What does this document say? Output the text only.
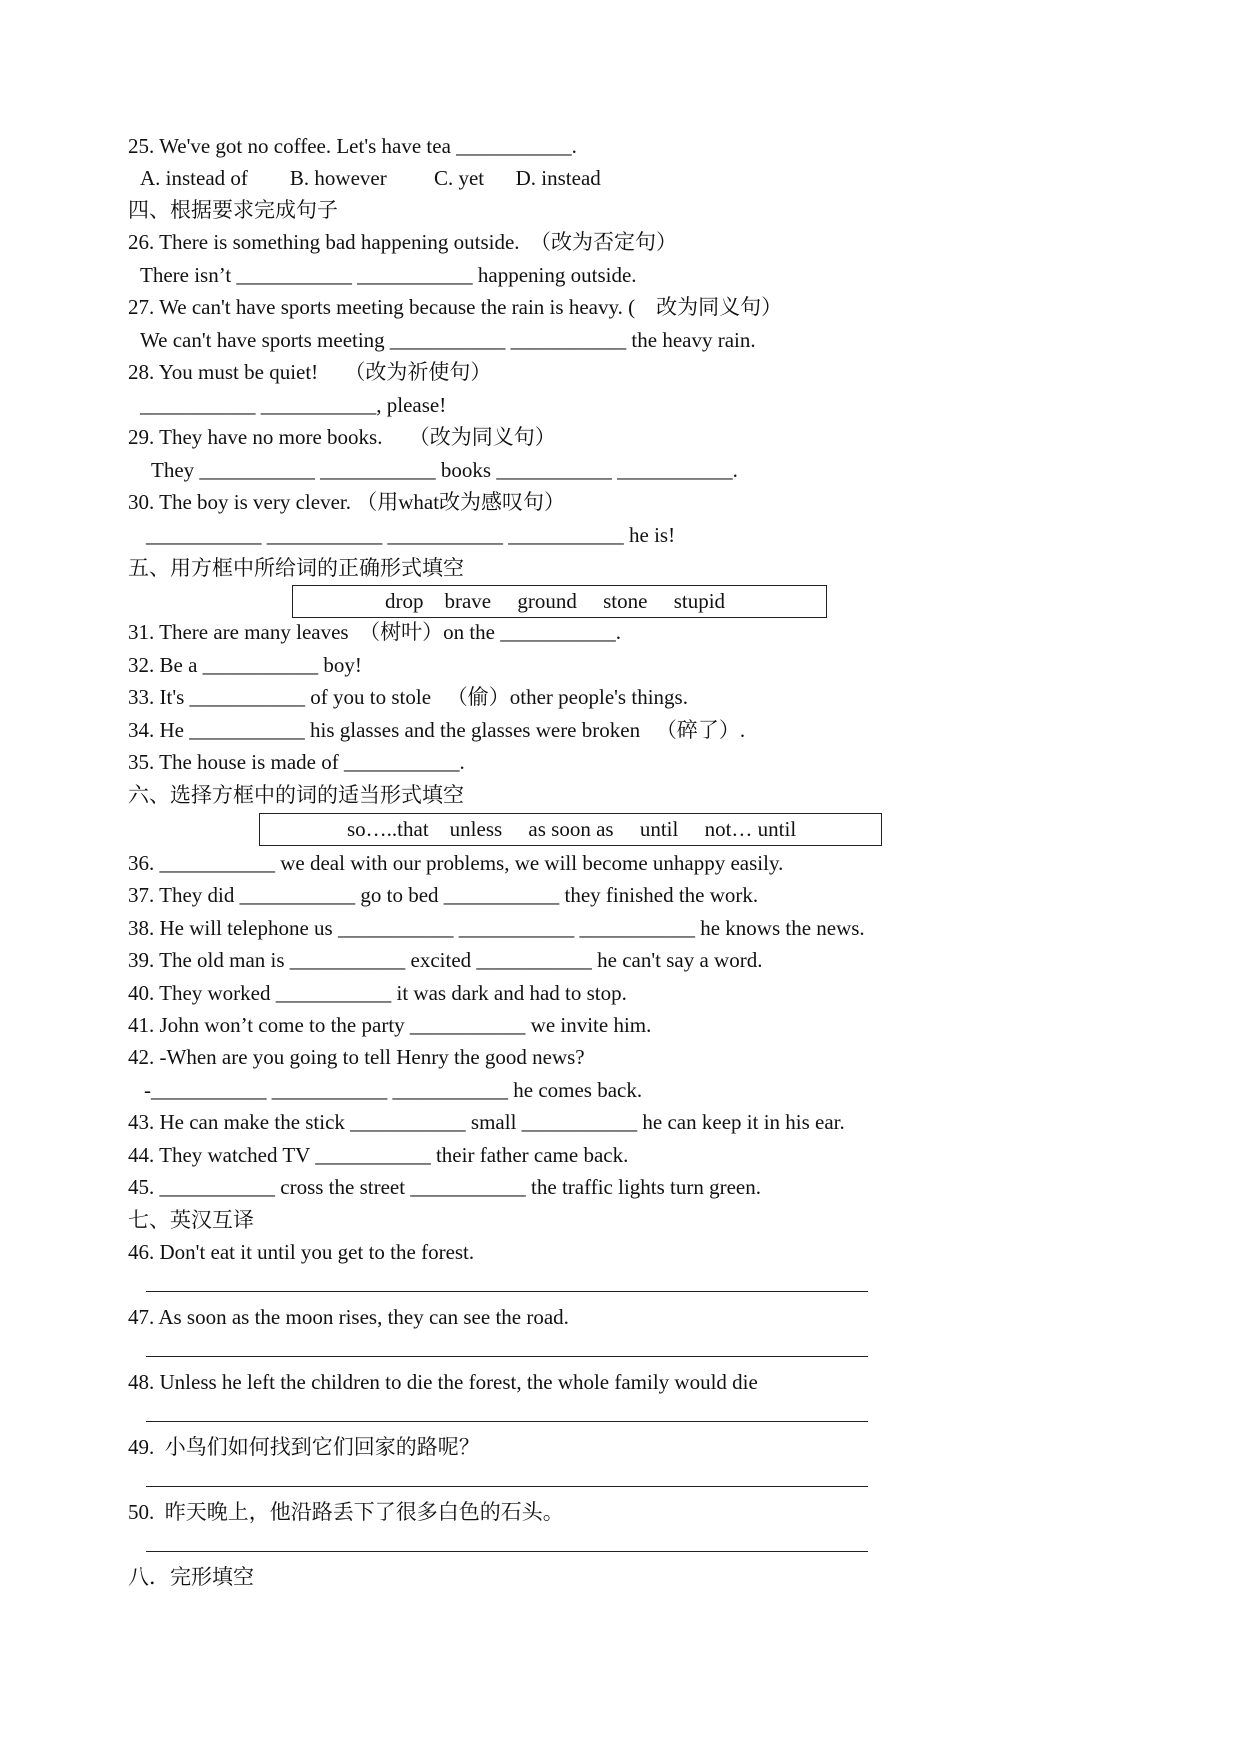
25. We've got no coffee. Let's have tea ___________.

A. instead of        B. however         C. yet      D. instead

四、根据要求完成句子

26. There is something bad happening outside.  （改为否定句）

There isn’t ___________ ___________ happening outside.

27. We can't have sports meeting because the rain is heavy. (    改为同义句）

We can't have sports meeting ___________ ___________ the heavy rain.

28. You must be quiet!     （改为祈使句）

___________ ___________, please!

29. They have no more books.     （改为同义句）

They ___________ ___________ books ___________ ___________.

30. The boy is very clever. （用what改为感叹句）

___________ ___________ ___________ ___________ he is!

五、用方框中所给词的正确形式填空

drop    brave     ground     stone     stupid

31. There are many leaves  （树叶）on the ___________.

32. Be a ___________ boy!

33. It's ___________ of you to stole   （偷）other people's things.

34. He ___________ his glasses and the glasses were broken   （碎了）.

35. The house is made of ___________.

六、选择方框中的词的适当形式填空

so…..that    unless     as soon as     until     not… until

36. ___________ we deal with our problems, we will become unhappy easily.

37. They did ___________ go to bed ___________ they finished the work.

38. He will telephone us ___________ ___________ ___________ he knows the news.

39. The old man is ___________ excited ___________ he can't say a word.

40. They worked ___________ it was dark and had to stop.

41. John won’t come to the party ___________ we invite him.

42. -When are you going to tell Henry the good news?

-___________ ___________ ___________ he comes back.

43. He can make the stick ___________ small ___________ he can keep it in his ear.

44. They watched TV ___________ their father came back.

45. ___________ cross the street ___________ the traffic lights turn green.

七、英汉互译

46. Don't eat it until you get to the forest.

47. As soon as the moon rises, they can see the road.

48. Unless he left the children to die the forest, the whole family would die

49.  小鸟们如何找到它们回家的路呢？

50.  昨天晚上，他沿路丢下了很多白色的石头。

八．完形填空
